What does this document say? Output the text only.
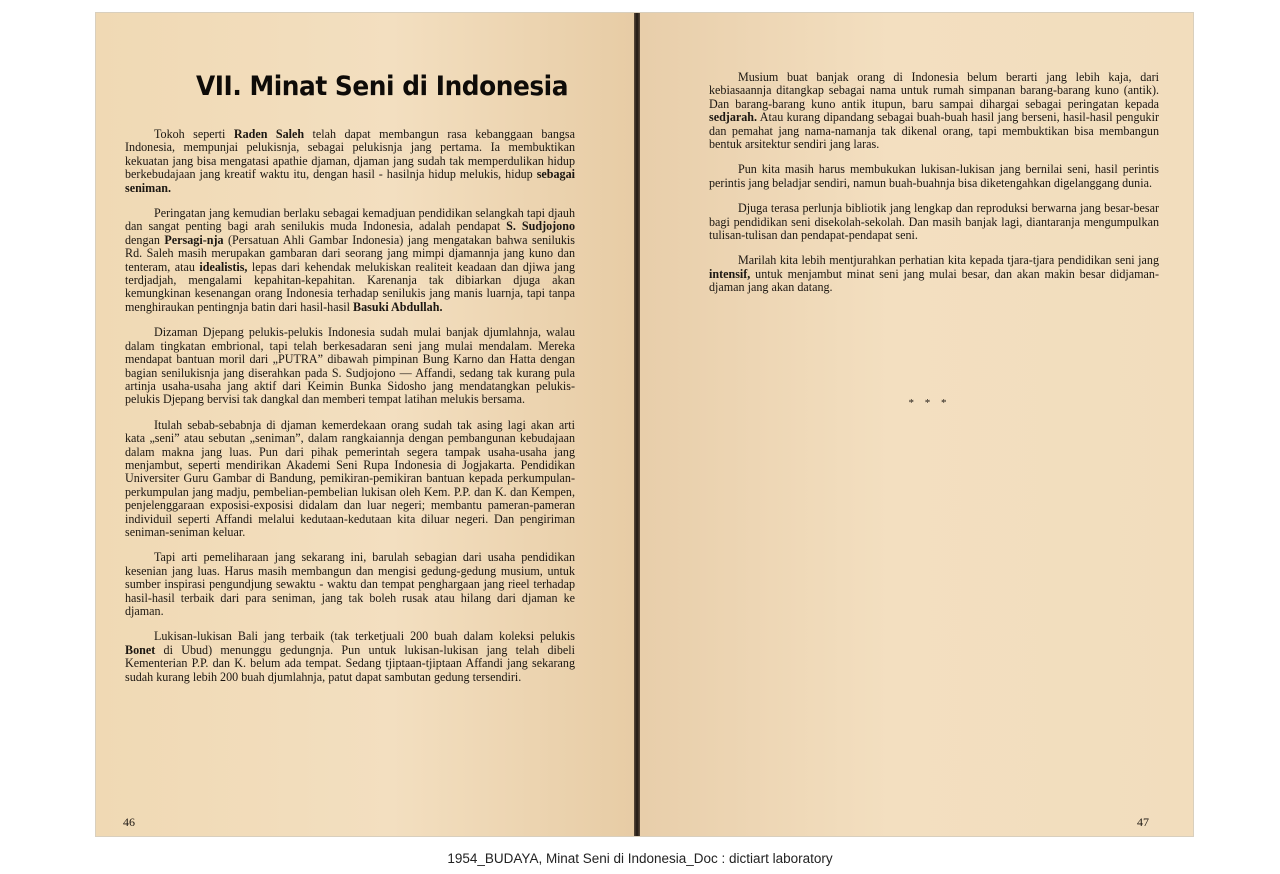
VII. Minat Seni di Indonesia

Tokoh seperti Raden Saleh telah dapat membangun rasa kebanggaan bangsa Indonesia, mempunjai pelukisnja, sebagai pelukisnja jang pertama. Ia membuktikan kekuatan jang bisa mengatasi apathie djaman, djaman jang sudah tak memperdulikan hidup berkebudajaan jang kreatif waktu itu, dengan hasil - hasilnja hidup melukis, hidup sebagai seniman.

Peringatan jang kemudian berlaku sebagai kemadjuan pendidikan selangkah tapi djauh dan sangat penting bagi arah senilukis muda Indonesia, adalah pendapat S. Sudjojono dengan Persagi-nja (Persatuan Ahli Gambar Indonesia) jang mengatakan bahwa senilukis Rd. Saleh masih merupakan gambaran dari seorang jang mimpi djamannja jang kuno dan tenteram, atau idealistis, lepas dari kehendak melukiskan realiteit keadaan dan djiwa jang terdjadjah, mengalami kepahitan-kepahitan. Karenanja tak dibiarkan djuga akan kemungkinan kesenangan orang Indonesia terhadap senilukis jang manis luarnja, tapi tanpa menghiraukan pentingnja batin dari hasil-hasil Basuki Abdullah.

Dizaman Djepang pelukis-pelukis Indonesia sudah mulai banjak djumlahnja, walau dalam tingkatan embrional, tapi telah berkesadaran seni jang mulai mendalam. Mereka mendapat bantuan moril dari „PUTRA” dibawah pimpinan Bung Karno dan Hatta dengan bagian senilukisnja jang diserahkan pada S. Sudjojono — Affandi, sedang tak kurang pula artinja usaha-usaha jang aktif dari Keimin Bunka Sidosho jang mendatangkan pelukis-pelukis Djepang bervisi tak dangkal dan memberi tempat latihan melukis bersama.

Itulah sebab-sebabnja di djaman kemerdekaan orang sudah tak asing lagi akan arti kata „seni” atau sebutan „seniman”, dalam rangkaiannja dengan pembangunan kebudajaan dalam makna jang luas. Pun dari pihak pemerintah segera tampak usaha-usaha jang menjambut, seperti mendirikan Akademi Seni Rupa Indonesia di Jogjakarta. Pendidikan Universiter Guru Gambar di Bandung, pemikiran-pemikiran bantuan kepada perkumpulan-perkumpulan jang madju, pembelian-pembelian lukisan oleh Kem. P.P. dan K. dan Kempen, penjelenggaraan exposisi-exposisi didalam dan luar negeri; membantu pameran-pameran individuil seperti Affandi melalui kedutaan-kedutaan kita diluar negeri. Dan pengiriman seniman-seniman keluar.

Tapi arti pemeliharaan jang sekarang ini, barulah sebagian dari usaha pendidikan kesenian jang luas. Harus masih membangun dan mengisi gedung-gedung musium, untuk sumber inspirasi pengundjung sewaktu - waktu dan tempat penghargaan jang rieel terhadap hasil-hasil terbaik dari para seniman, jang tak boleh rusak atau hilang dari djaman ke djaman.

Lukisan-lukisan Bali jang terbaik (tak terketjuali 200 buah dalam koleksi pelukis Bonet di Ubud) menunggu gedungnja. Pun untuk lukisan-lukisan jang telah dibeli Kementerian P.P. dan K. belum ada tempat. Sedang tjiptaan-tjiptaan Affandi jang sekarang sudah kurang lebih 200 buah djumlahnja, patut dapat sambutan gedung tersendiri.

46

Musium buat banjak orang di Indonesia belum berarti jang lebih kaja, dari kebiasaannja ditangkap sebagai nama untuk rumah simpanan barang-barang kuno (antik). Dan barang-barang kuno antik itupun, baru sampai dihargai sebagai peringatan kepada sedjarah. Atau kurang dipandang sebagai buah-buah hasil jang berseni, hasil-hasil pengukir dan pemahat jang nama-namanja tak dikenal orang, tapi membuktikan bisa membangun bentuk arsitektur sendiri jang laras.

Pun kita masih harus membukukan lukisan-lukisan jang bernilai seni, hasil perintis perintis jang beladjar sendiri, namun buah-buahnja bisa diketengahkan digelanggang dunia.

Djuga terasa perlunja bibliotik jang lengkap dan reproduksi berwarna jang besar-besar bagi pendidikan seni disekolah-sekolah. Dan masih banjak lagi, diantaranja mengumpulkan tulisan-tulisan dan pendapat-pendapat seni.

Marilah kita lebih mentjurahkan perhatian kita kepada tjara-tjara pendidikan seni jang intensif, untuk menjambut minat seni jang mulai besar, dan akan makin besar didjaman-djaman jang akan datang.

* * *
47
1954_BUDAYA, Minat Seni di Indonesia_Doc : dictiart laboratory
